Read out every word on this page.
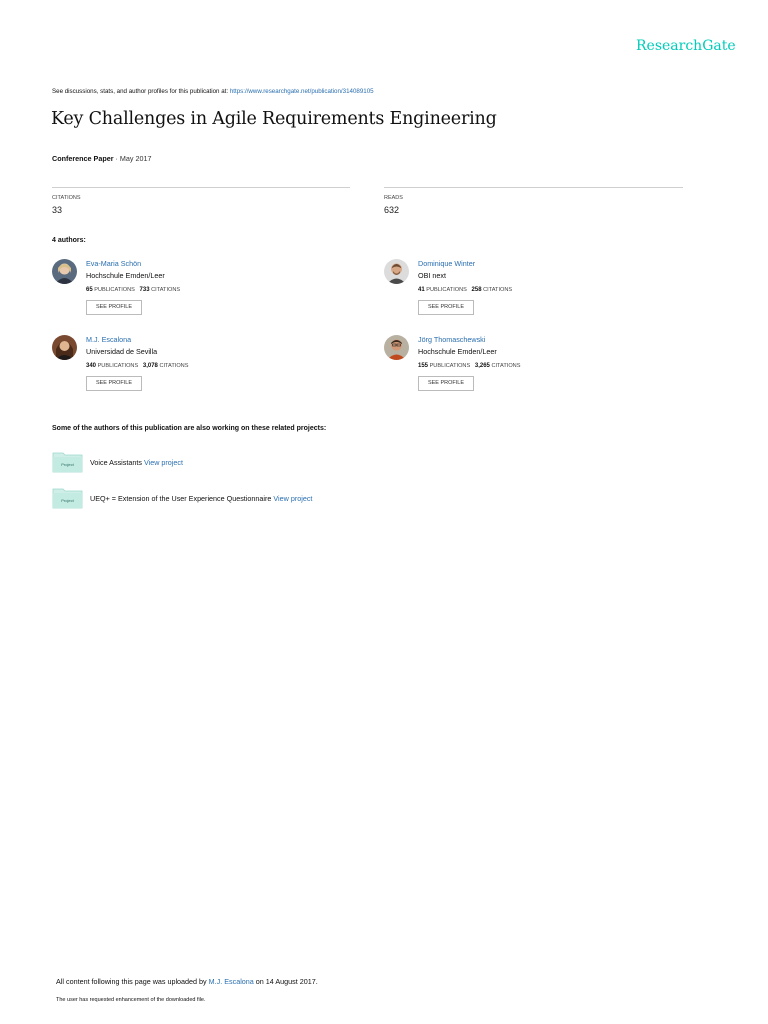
ResearchGate
See discussions, stats, and author profiles for this publication at: https://www.researchgate.net/publication/314089105
Key Challenges in Agile Requirements Engineering
Conference Paper · May 2017
CITATIONS
33
READS
632
4 authors:
Eva-Maria Schön
Hochschule Emden/Leer
65 PUBLICATIONS 733 CITATIONS
SEE PROFILE
Dominique Winter
OBI next
41 PUBLICATIONS 258 CITATIONS
SEE PROFILE
M.J. Escalona
Universidad de Sevilla
340 PUBLICATIONS 3,078 CITATIONS
SEE PROFILE
Jörg Thomaschewski
Hochschule Emden/Leer
155 PUBLICATIONS 3,265 CITATIONS
SEE PROFILE
Some of the authors of this publication are also working on these related projects:
Project Voice Assistants View project
Project UEQ+ = Extension of the User Experience Questionnaire View project
All content following this page was uploaded by M.J. Escalona on 14 August 2017.
The user has requested enhancement of the downloaded file.
